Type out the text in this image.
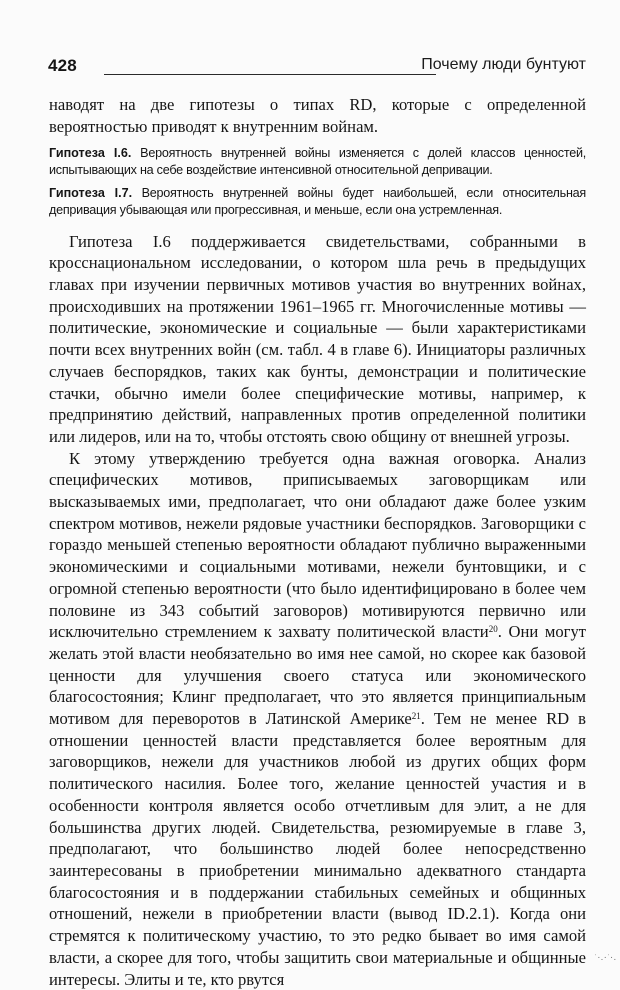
428	Почему люди бунтуют

наводят на две гипотезы о типах RD, которые с определенной вероятностью приводят к внутренним войнам.

Гипотеза I.6. Вероятность внутренней войны изменяется с долей классов ценностей, испытывающих на себе воздействие интенсивной относительной депривации.

Гипотеза I.7. Вероятность внутренней войны будет наибольшей, если относительная депривация убывающая или прогрессивная, и меньше, если она устремленная.

Гипотеза I.6 поддерживается свидетельствами, собранными в кросснациональном исследовании, о котором шла речь в предыдущих главах при изучении первичных мотивов участия во внутренних войнах, происходивших на протяжении 1961–1965 гг. Многочисленные мотивы — политические, экономические и социальные — были характеристиками почти всех внутренних войн (см. табл. 4 в главе 6). Инициаторы различных случаев беспорядков, таких как бунты, демонстрации и политические стачки, обычно имели более специфические мотивы, например, к предпринятию действий, направленных против определенной политики или лидеров, или на то, чтобы отстоять свою общину от внешней угрозы.

К этому утверждению требуется одна важная оговорка. Анализ специфических мотивов, приписываемых заговорщикам или высказываемых ими, предполагает, что они обладают даже более узким спектром мотивов, нежели рядовые участники беспорядков. Заговорщики с гораздо меньшей степенью вероятности обладают публично выраженными экономическими и социальными мотивами, нежели бунтовщики, и с огромной степенью вероятности (что было идентифицировано в более чем половине из 343 событий заговоров) мотивируются первично или исключительно стремлением к захвату политической власти$^{20}$. Они могут желать этой власти необязательно во имя нее самой, но скорее как базовой ценности для улучшения своего статуса или экономического благосостояния; Клинг предполагает, что это является принципиальным мотивом для переворотов в Латинской Америке$^{21}$. Тем не менее RD в отношении ценностей власти представляется более вероятным для заговорщиков, нежели для участников любой из других общих форм политического насилия. Более того, желание ценностей участия и в особенности контроля является особо отчетливым для элит, а не для большинства других людей. Свидетельства, резюмируемые в главе 3, предполагают, что большинство людей более непосредственно заинтересованы в приобретении минимально адекватного стандарта благосостояния и в поддержании стабильных семейных и общинных отношений, нежели в приобретении власти (вывод ID.2.1). Когда они стремятся к политическому участию, то это редко бывает во имя самой власти, а скорее для того, чтобы защитить свои материальные и общинные интересы. Элиты и те, кто рвутся

˙·.·˙·.
